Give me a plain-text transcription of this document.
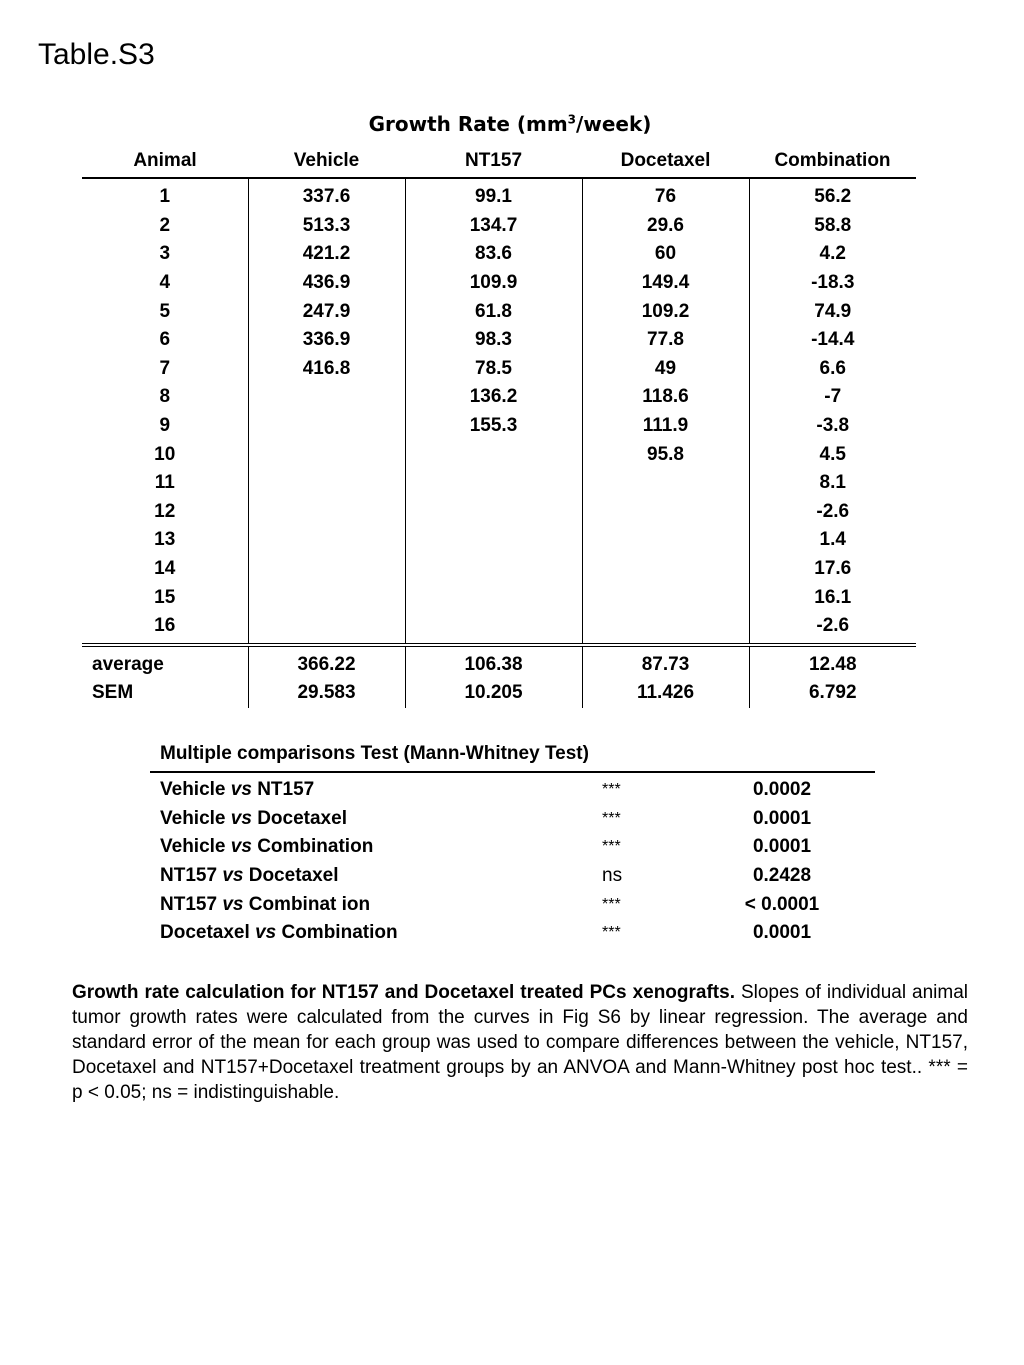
Table.S3
Growth Rate $(mm^3/week)$
Animal	Vehicle	NT157	Docetaxel	Combination
1	337.6	99.1	76	56.2
2	513.3	134.7	29.6	58.8
3	421.2	83.6	60	4.2
4	436.9	109.9	149.4	-18.3
5	247.9	61.8	109.2	74.9
6	336.9	98.3	77.8	-14.4
7	416.8	78.5	49	6.6
8		136.2	118.6	-7
9		155.3	111.9	-3.8
10			95.8	4.5
11				8.1
12				-2.6
13				1.4
14				17.6
15				16.1
16				-2.6
average	366.22	106.38	87.73	12.48
SEM	29.583	10.205	11.426	6.792
Multiple comparisons Test (Mann-Whitney Test)
Vehicle vs NT157	***	0.0002
Vehicle vs Docetaxel	***	0.0001
Vehicle vs Combination	***	0.0001
NT157 vs Docetaxel	ns	0.2428
NT157 vs Combinat ion	***	< 0.0001
Docetaxel vs Combination	***	0.0001
Growth rate calculation for NT157 and Docetaxel treated PCs xenografts. Slopes of individual animal tumor growth rates were calculated from the curves in Fig S6 by linear regression. The average and standard error of the mean for each group was used to compare differences between the vehicle, NT157, Docetaxel and NT157+Docetaxel treatment groups by an ANVOA and Mann-Whitney post hoc test.. *** = p < 0.05; ns = indistinguishable.
